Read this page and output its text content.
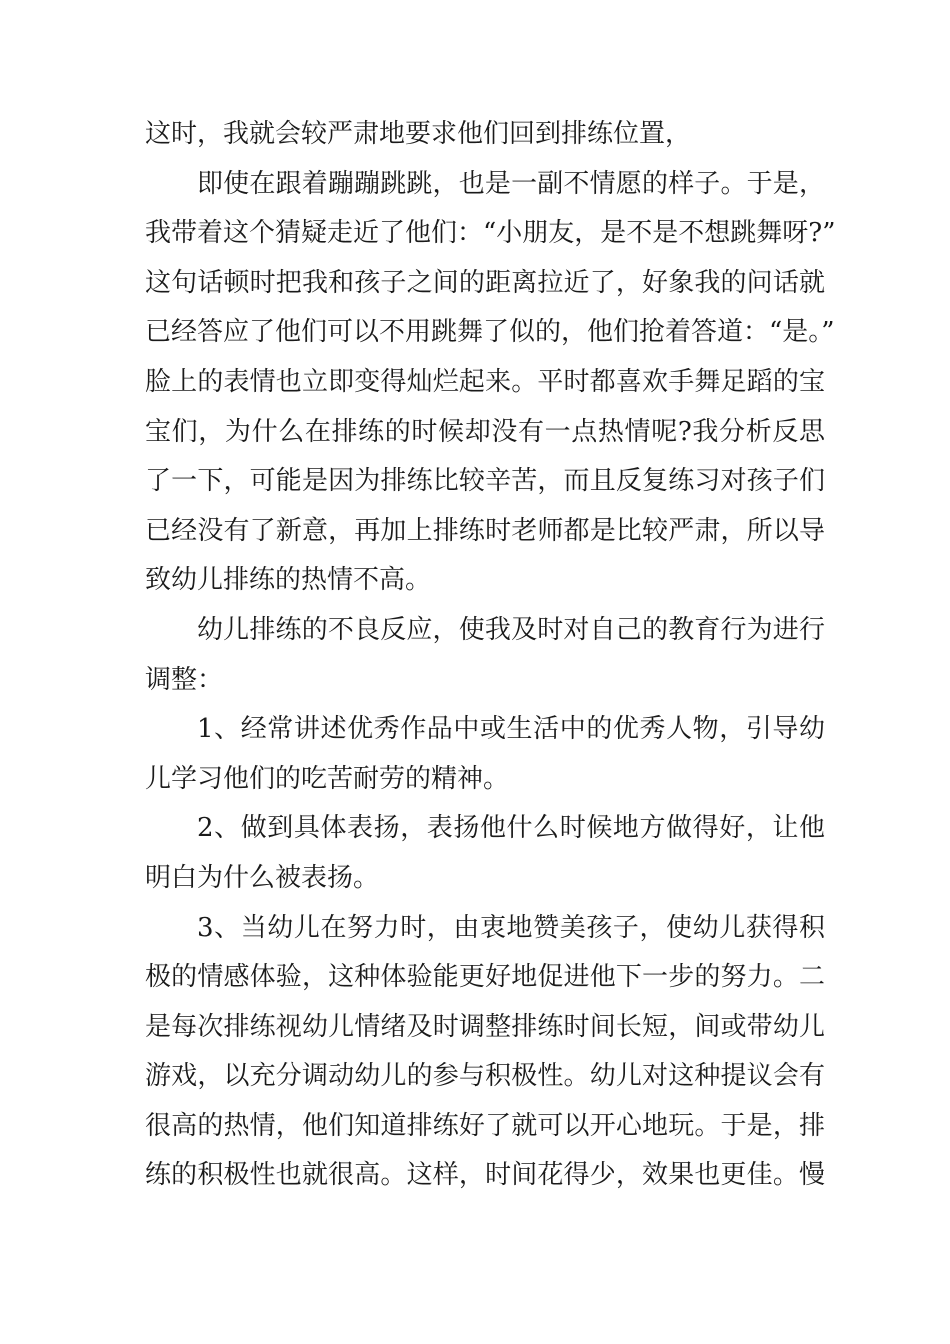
这时，我就会较严肃地要求他们回到排练位置，
即使在跟着蹦蹦跳跳，也是一副不情愿的样子。于是，
我带着这个猜疑走近了他们：“小朋友，是不是不想跳舞呀?”
这句话顿时把我和孩子之间的距离拉近了，好象我的问话就
已经答应了他们可以不用跳舞了似的，他们抢着答道：“是。”
脸上的表情也立即变得灿烂起来。平时都喜欢手舞足蹈的宝
宝们，为什么在排练的时候却没有一点热情呢?我分析反思
了一下，可能是因为排练比较辛苦，而且反复练习对孩子们
已经没有了新意，再加上排练时老师都是比较严肃，所以导
致幼儿排练的热情不高。
幼儿排练的不良反应，使我及时对自己的教育行为进行
调整：
1、经常讲述优秀作品中或生活中的优秀人物，引导幼
儿学习他们的吃苦耐劳的精神。
2、做到具体表扬，表扬他什么时候地方做得好，让他
明白为什么被表扬。
3、当幼儿在努力时，由衷地赞美孩子，使幼儿获得积
极的情感体验，这种体验能更好地促进他下一步的努力。二
是每次排练视幼儿情绪及时调整排练时间长短，间或带幼儿
游戏，以充分调动幼儿的参与积极性。幼儿对这种提议会有
很高的热情，他们知道排练好了就可以开心地玩。于是，排
练的积极性也就很高。这样，时间花得少，效果也更佳。慢
